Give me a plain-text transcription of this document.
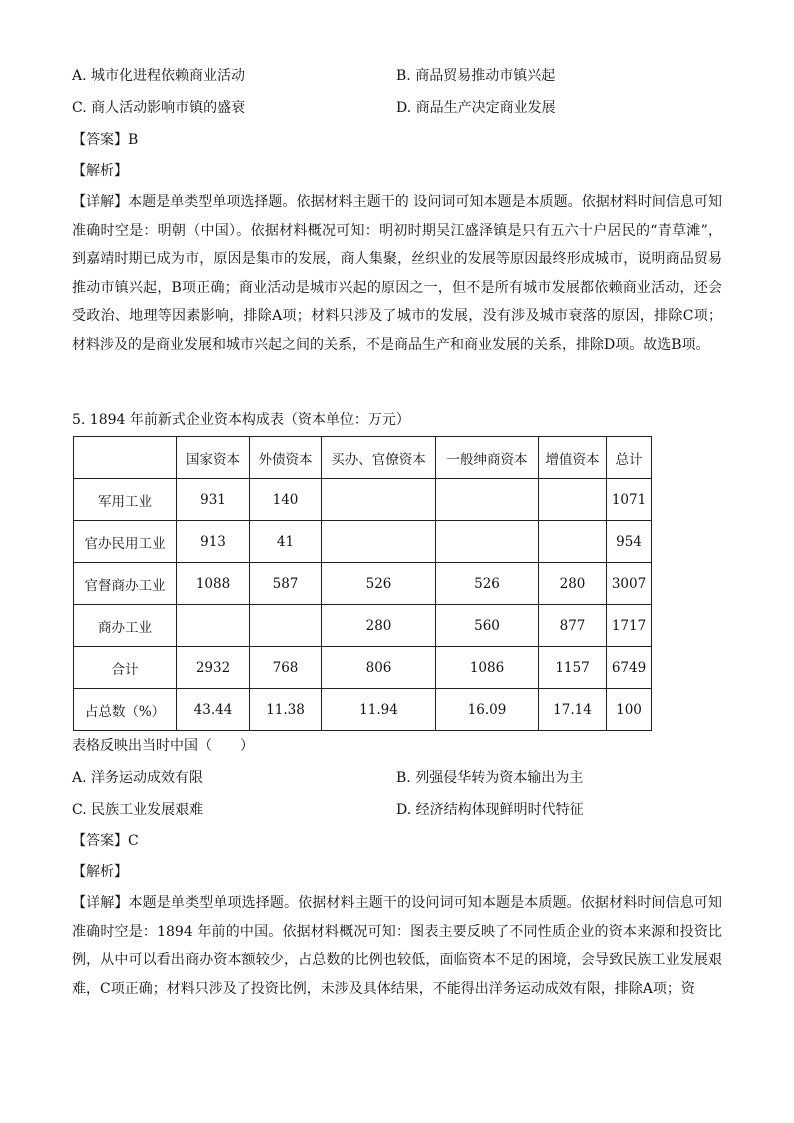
A. 城市化进程依赖商业活动	B. 商品贸易推动市镇兴起
C. 商人活动影响市镇的盛衰	D. 商品生产决定商业发展
【答案】B
【解析】
【详解】本题是单类型单项选择题。依据材料主题干的 设问词可知本题是本质题。依据材料时间信息可知准确时空是：明朝（中国）。依据材料概况可知：明初时期吴江盛泽镇是只有五六十户居民的“青草滩”，到嘉靖时期已成为市，原因是集市的发展，商人集聚，丝织业的发展等原因最终形成城市，说明商品贸易推动市镇兴起，B项正确；商业活动是城市兴起的原因之一，但不是所有城市发展都依赖商业活动，还会受政治、地理等因素影响，排除A项；材料只涉及了城市的发展，没有涉及城市衰落的原因，排除C项；材料涉及的是商业发展和城市兴起之间的关系，不是商品生产和商业发展的关系，排除D项。故选B项。
5. 1894 年前新式企业资本构成表（资本单位：万元）
	国家资本	外债资本	买办、官僚资本	一般绅商资本	增值资本	总计
军用工业	931	140				1071
官办民用工业	913	41				954
官督商办工业	1088	587	526	526	280	3007
商办工业			280	560	877	1717
合计	2932	768	806	1086	1157	6749
占总数（%）	43.44	11.38	11.94	16.09	17.14	100
表格反映出当时中国（　　）
A. 洋务运动成效有限	B. 列强侵华转为资本输出为主
C. 民族工业发展艰难	D. 经济结构体现鲜明时代特征
【答案】C
【解析】
【详解】本题是单类型单项选择题。依据材料主题干的设问词可知本题是本质题。依据材料时间信息可知准确时空是：1894 年前的中国。依据材料概况可知：图表主要反映了不同性质企业的资本来源和投资比例，从中可以看出商办资本额较少，占总数的比例也较低，面临资本不足的困境，会导致民族工业发展艰难，C项正确；材料只涉及了投资比例，未涉及具体结果，不能得出洋务运动成效有限，排除A项；资
